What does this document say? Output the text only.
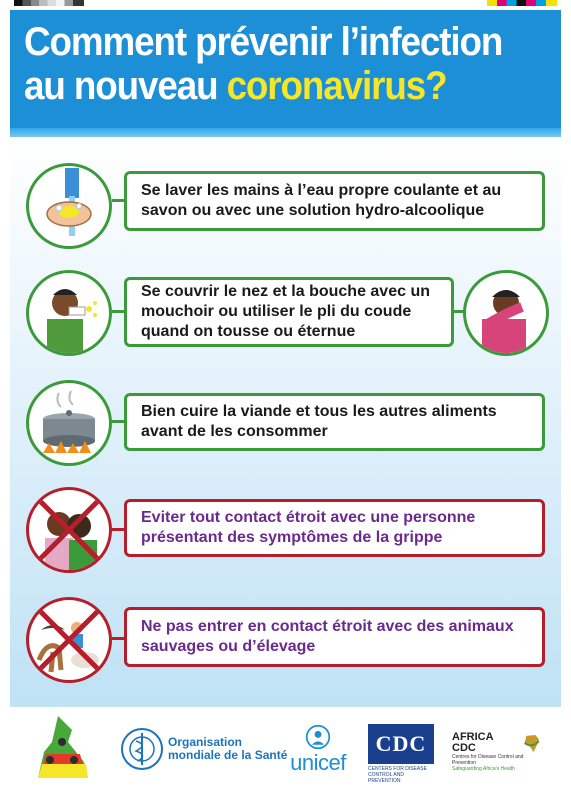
Comment prévenir l’infection
au nouveau coronavirus?
Se laver les mains à l’eau propre coulante et au savon ou avec une solution hydro-alcoolique
Se couvrir le nez et la bouche avec un mouchoir ou utiliser le pli du coude quand on tousse ou éternue
Bien cuire la viande et tous les autres aliments avant de les consommer
Eviter tout contact étroit avec une personne présentant des symptômes de la grippe
Ne pas entrer en contact étroit avec des animaux sauvages ou d’élevage
Organisation
mondiale de la Santé unicef
CDC
CENTERS FOR DISEASE CONTROL AND PREVENTION
AFRICA CDC
Centres for Disease Control and Prevention
Safeguarding Africa's Health
